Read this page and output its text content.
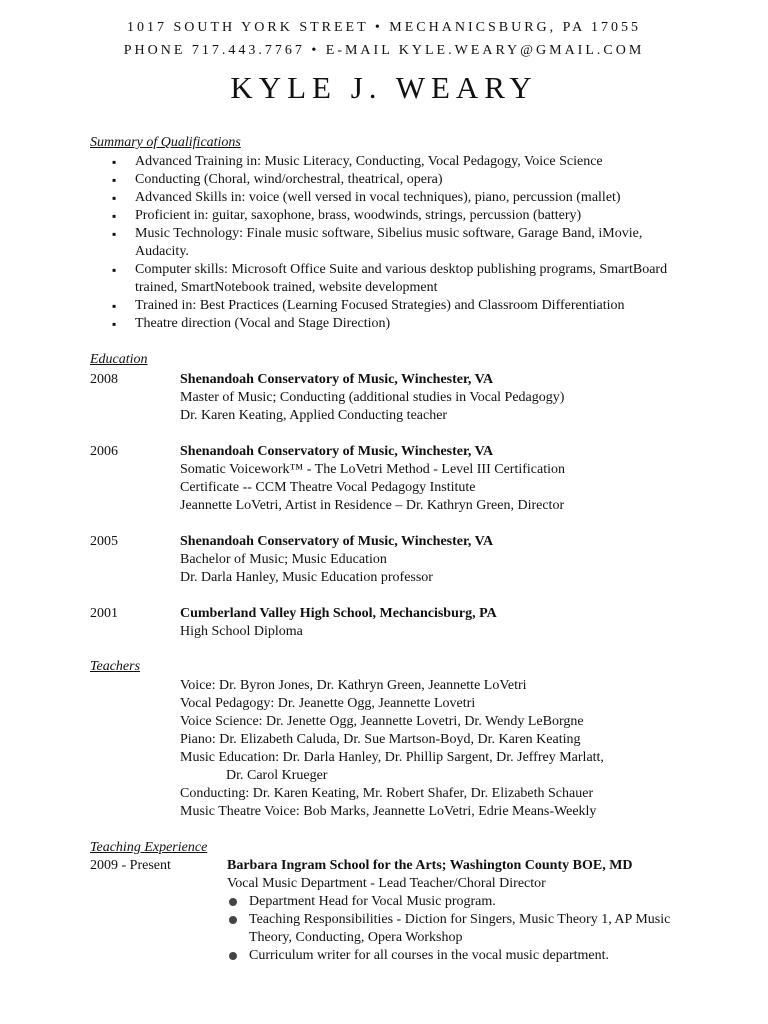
1017 SOUTH YORK STREET • MECHANICSBURG, PA 17055
PHONE 717.443.7767 • E-MAIL KYLE.WEARY@GMAIL.COM
KYLE J. WEARY
Summary of Qualifications
▪ Advanced Training in: Music Literacy, Conducting, Vocal Pedagogy, Voice Science
▪ Conducting (Choral, wind/orchestral, theatrical, opera)
▪ Advanced Skills in: voice (well versed in vocal techniques), piano, percussion (mallet)
▪ Proficient in: guitar, saxophone, brass, woodwinds, strings, percussion (battery)
▪ Music Technology: Finale music software, Sibelius music software, Garage Band, iMovie, Audacity.
▪ Computer skills: Microsoft Office Suite and various desktop publishing programs, SmartBoard trained, SmartNotebook trained, website development
▪ Trained in: Best Practices (Learning Focused Strategies) and Classroom Differentiation
▪ Theatre direction (Vocal and Stage Direction)
Education
2008	Shenandoah Conservatory of Music, Winchester, VA
Master of Music; Conducting (additional studies in Vocal Pedagogy)
Dr. Karen Keating, Applied Conducting teacher
2006	Shenandoah Conservatory of Music, Winchester, VA
Somatic Voicework™ - The LoVetri Method - Level III Certification
Certificate -- CCM Theatre Vocal Pedagogy Institute
Jeannette LoVetri, Artist in Residence – Dr. Kathryn Green, Director
2005	Shenandoah Conservatory of Music, Winchester, VA
Bachelor of Music; Music Education
Dr. Darla Hanley, Music Education professor
2001	Cumberland Valley High School, Mechancisburg, PA
High School Diploma
Teachers
Voice: Dr. Byron Jones, Dr. Kathryn Green, Jeannette LoVetri
Vocal Pedagogy: Dr. Jeanette Ogg, Jeannette Lovetri
Voice Science: Dr. Jenette Ogg, Jeannette Lovetri, Dr. Wendy LeBorgne
Piano: Dr. Elizabeth Caluda, Dr. Sue Martson-Boyd, Dr. Karen Keating
Music Education: Dr. Darla Hanley, Dr. Phillip Sargent, Dr. Jeffrey Marlatt,
Dr. Carol Krueger
Conducting: Dr. Karen Keating, Mr. Robert Shafer, Dr. Elizabeth Schauer
Music Theatre Voice: Bob Marks, Jeannette LoVetri, Edrie Means-Weekly
Teaching Experience
2009 - Present	Barbara Ingram School for the Arts; Washington County BOE, MD
Vocal Music Department - Lead Teacher/Choral Director
Department Head for Vocal Music program.
Teaching Responsibilities - Diction for Singers, Music Theory 1, AP Music Theory, Conducting, Opera Workshop
Curriculum writer for all courses in the vocal music department.
